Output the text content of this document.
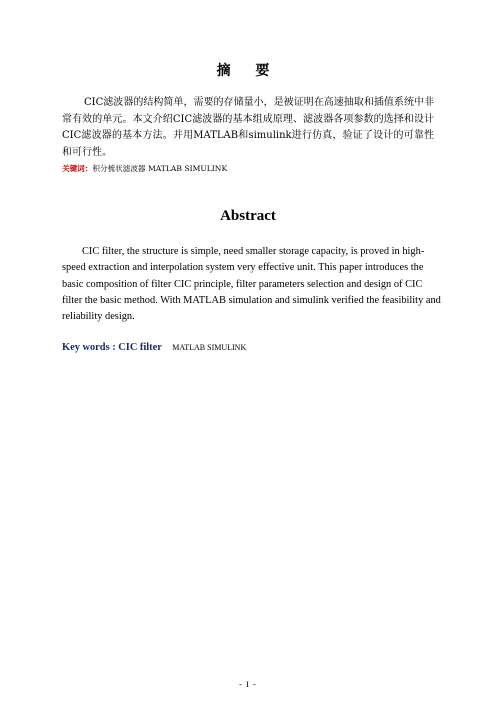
摘 要
CIC滤波器的结构简单，需要的存储量小，是被证明在高速抽取和插值系统中非常有效的单元。本文介绍CIC滤波器的基本组成原理、滤波器各项参数的选择和设计CIC滤波器的基本方法。并用MATLAB和simulink进行仿真，验证了设计的可靠性和可行性。
关键词：积分梳状滤波器 MATLAB SIMULINK
Abstract
CIC filter, the structure is simple, need smaller storage capacity, is proved in high-speed extraction and interpolation system very effective unit. This paper introduces the basic composition of filter CIC principle, filter parameters selection and design of CIC filter the basic method. With MATLAB simulation and simulink verified the feasibility and reliability design.
Key words : CIC filter MATLAB SIMULINK
- I -
